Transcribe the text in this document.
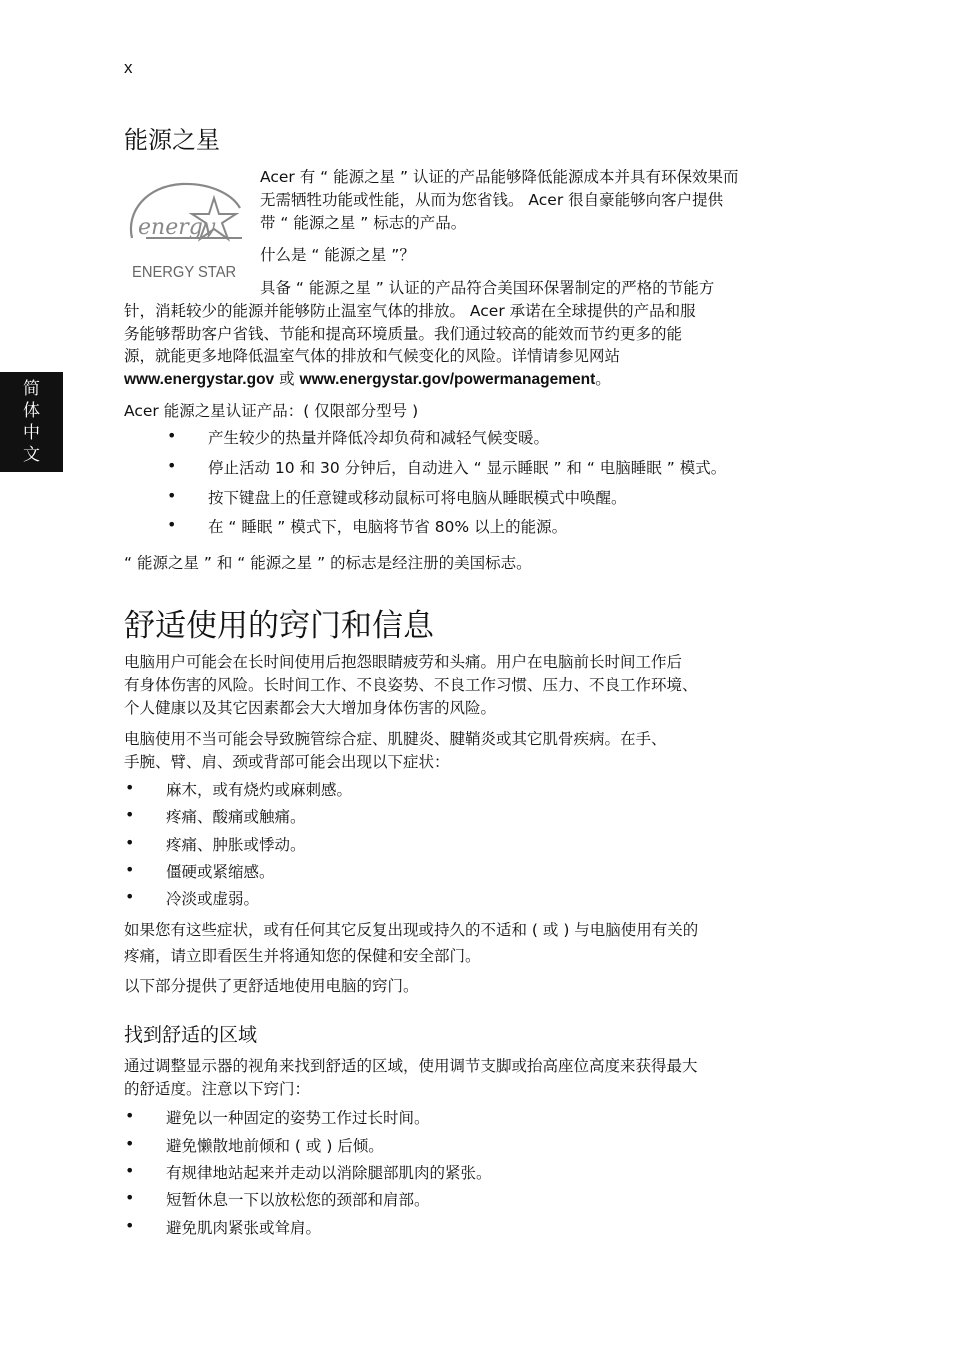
x
简
体
中
文
能源之星
energy
ENERGY STAR

Acer 有 “ 能源之星 ” 认证的产品能够降低能源成本并具有环保效果而

无需牺牲功能或性能，从而为您省钱。 Acer 很自豪能够向客户提供

带 “ 能源之星 ” 标志的产品。

什么是 “ 能源之星 ”？

具备 “ 能源之星 ” 认证的产品符合美国环保署制定的严格的节能方

针，消耗较少的能源并能够防止温室气体的排放。 Acer 承诺在全球提供的产品和服

务能够帮助客户省钱、节能和提高环境质量。我们通过较高的能效而节约更多的能

源，就能更多地降低温室气体的排放和气候变化的风险。详情请参见网站

www.energystar.gov 或 www.energystar.gov/powermanagement。

Acer 能源之星认证产品：( 仅限部分型号 )

• 产生较少的热量并降低冷却负荷和减轻气候变暖。
• 停止活动 10 和 30 分钟后，自动进入 “ 显示睡眠 ” 和 “ 电脑睡眠 ” 模式。
• 按下键盘上的任意键或移动鼠标可将电脑从睡眠模式中唤醒。
• 在 “ 睡眠 ” 模式下，电脑将节省 80% 以上的能源。

“ 能源之星 ” 和 “ 能源之星 ” 的标志是经注册的美国标志。

舒适使用的窍门和信息

电脑用户可能会在长时间使用后抱怨眼睛疲劳和头痛。用户在电脑前长时间工作后

有身体伤害的风险。长时间工作、不良姿势、不良工作习惯、压力、不良工作环境、

个人健康以及其它因素都会大大增加身体伤害的风险。

电脑使用不当可能会导致腕管综合症、肌腱炎、腱鞘炎或其它肌骨疾病。在手、

手腕、臂、肩、颈或背部可能会出现以下症状：

• 麻木，或有烧灼或麻刺感。
• 疼痛、酸痛或触痛。
• 疼痛、肿胀或悸动。
• 僵硬或紧缩感。
• 冷淡或虚弱。

如果您有这些症状，或有任何其它反复出现或持久的不适和 ( 或 ) 与电脑使用有关的

疼痛，请立即看医生并将通知您的保健和安全部门。

以下部分提供了更舒适地使用电脑的窍门。

找到舒适的区域

通过调整显示器的视角来找到舒适的区域，使用调节支脚或抬高座位高度来获得最大

的舒适度。注意以下窍门：

• 避免以一种固定的姿势工作过长时间。
• 避免懒散地前倾和 ( 或 ) 后倾。
• 有规律地站起来并走动以消除腿部肌肉的紧张。
• 短暂休息一下以放松您的颈部和肩部。
• 避免肌肉紧张或耸肩。
